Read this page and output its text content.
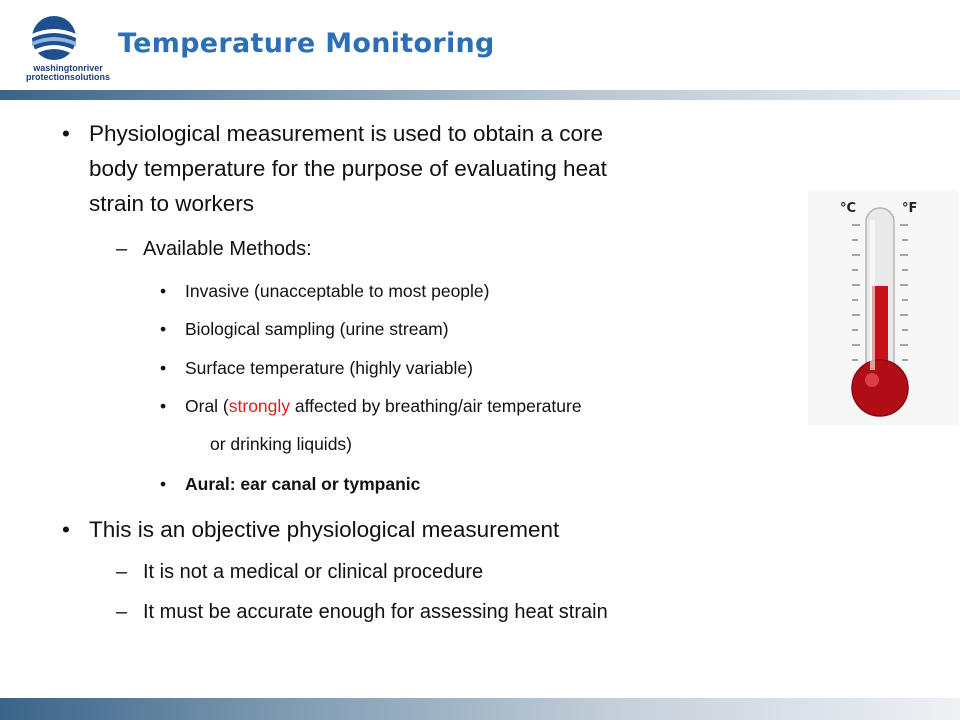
washingtonriver
protectionsolutions
Temperature Monitoring
°C	°F
• Physiological measurement is used to obtain a core
body temperature for the purpose of evaluating heat
strain to workers
– Available Methods:
• Invasive (unacceptable to most people)
• Biological sampling (urine stream)
• Surface temperature (highly variable)
• Oral (strongly affected by breathing/air temperature
or drinking liquids)
• Aural: ear canal or tympanic
• This is an objective physiological measurement
– It is not a medical or clinical procedure
– It must be accurate enough for assessing heat strain
